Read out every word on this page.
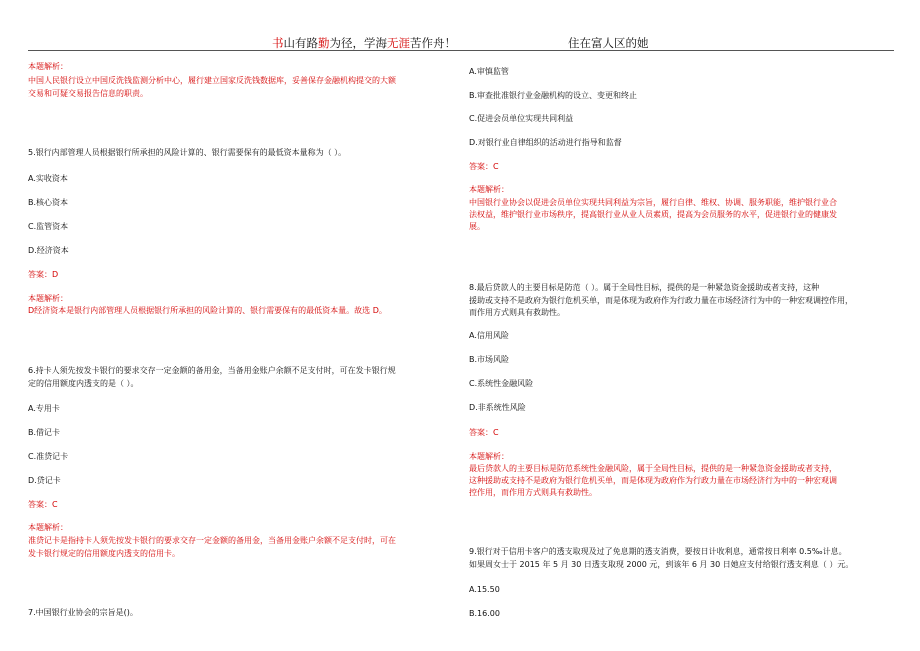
书山有路勤为径，学海无涯苦作舟！	住在富人区的她
本题解析：
中国人民银行设立中国反洗钱监测分析中心，履行建立国家反洗钱数据库，妥善保存金融机构提交的大额
交易和可疑交易报告信息的职责。
5.银行内部管理人员根据银行所承担的风险计算的、银行需要保有的最低资本量称为（ ）。
A.实收资本
B.核心资本
C.监管资本
D.经济资本
答案：D
本题解析：
D经济资本是银行内部管理人员根据银行所承担的风险计算的、银行需要保有的最低资本量。故选 D。
6.持卡人须先按发卡银行的要求交存一定金额的备用金，当备用金账户余额不足支付时，可在发卡银行规
定的信用额度内透支的是（ ）。
A.专用卡
B.借记卡
C.准贷记卡
D.贷记卡
答案：C
本题解析：
准贷记卡是指持卡人须先按发卡银行的要求交存一定金额的备用金，当备用金账户余额不足支付时，可在
发卡银行规定的信用额度内透支的信用卡。
7.中国银行业协会的宗旨是()。
A.审慎监管
B.审查批准银行业金融机构的设立、变更和终止
C.促进会员单位实现共同利益
D.对银行业自律组织的活动进行指导和监督
答案：C
本题解析：
中国银行业协会以促进会员单位实现共同利益为宗旨，履行自律、维权、协调、服务职能，维护银行业合
法权益，维护银行业市场秩序，提高银行业从业人员素质，提高为会员服务的水平，促进银行业的健康发
展。
8.最后贷款人的主要目标是防范（ ）。属于全局性目标，提供的是一种紧急资金援助或者支持，这种
援助或支持不是政府为银行危机买单，而是体现为政府作为行政力量在市场经济行为中的一种宏观调控作用，
而作用方式则具有救助性。
A.信用风险
B.市场风险
C.系统性金融风险
D.非系统性风险
答案：C
本题解析：
最后贷款人的主要目标是防范系统性金融风险，属于全局性目标，提供的是一种紧急资金援助或者支持，
这种援助或支持不是政府为银行危机买单，而是体现为政府作为行政力量在市场经济行为中的一种宏观调
控作用，而作用方式则具有救助性。
9.银行对于信用卡客户的透支取现及过了免息期的透支消费，要按日计收利息，通常按日利率 0.5‰计息。
如果周女士于 2015 年 5 月 30 日透支取现 2000 元，到该年 6 月 30 日她应支付给银行透支利息（ ）元。
A.15.50
B.16.00
